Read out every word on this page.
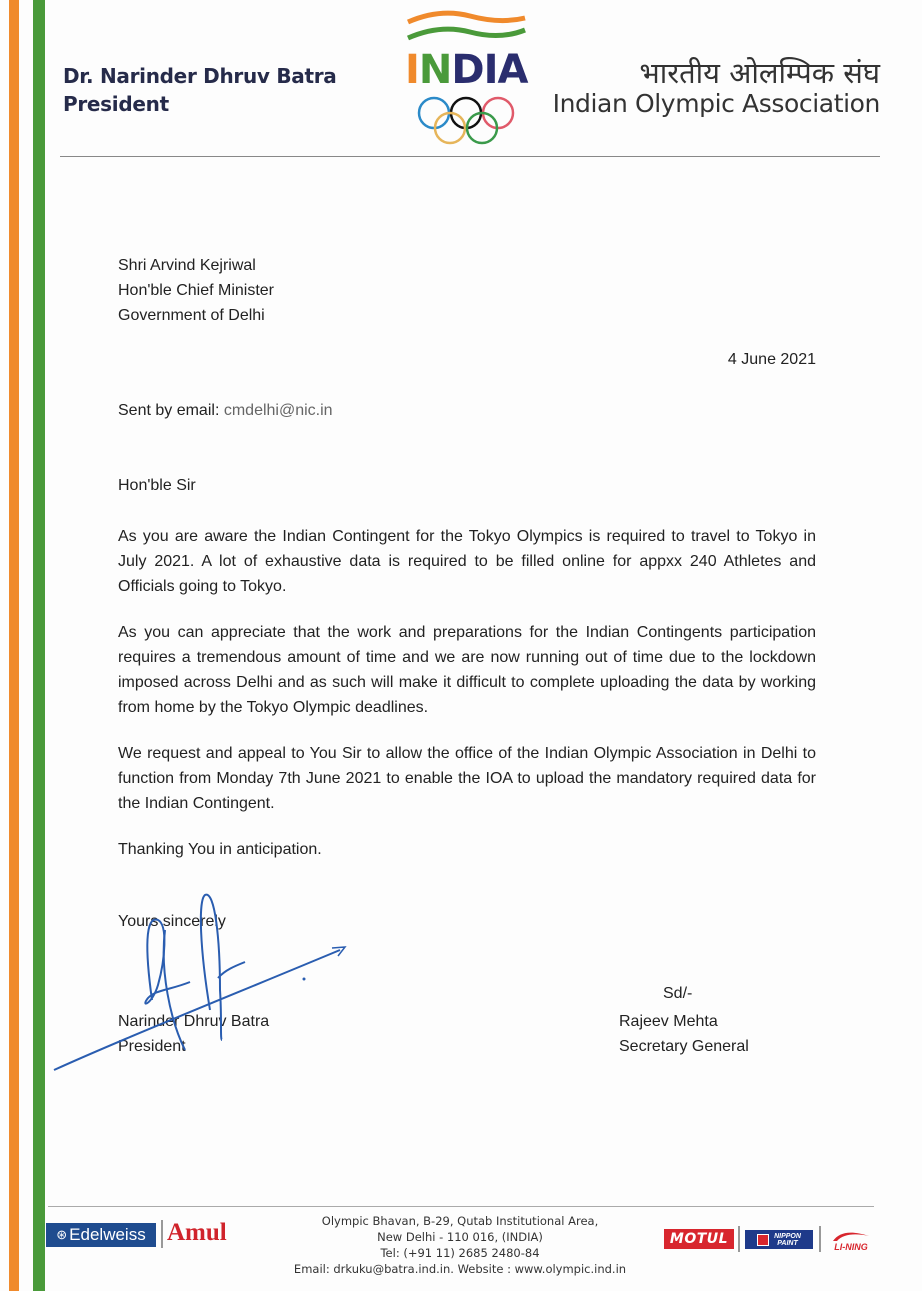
Dr. Narinder Dhruv Batra
President
INDIA	भारतीय ओलम्पिक संघ
Indian Olympic Association
Shri Arvind Kejriwal
Hon'ble Chief Minister
Government of Delhi
4 June 2021
Sent by email: cmdelhi@nic.in
Hon'ble Sir
As you are aware the Indian Contingent for the Tokyo Olympics is required to travel to Tokyo in July 2021. A lot of exhaustive data is required to be filled online for appxx 240 Athletes and Officials going to Tokyo.
As you can appreciate that the work and preparations for the Indian Contingents participation requires a tremendous amount of time and we are now running out of time due to the lockdown imposed across Delhi and as such will make it difficult to complete uploading the data by working from home by the Tokyo Olympic deadlines.
We request and appeal to You Sir to allow the office of the Indian Olympic Association in Delhi to function from Monday 7th June 2021 to enable the IOA to upload the mandatory required data for the Indian Contingent.
Thanking You in anticipation.
Yours sincerely
Narinder Dhruv Batra
President
Sd/-
Rajeev Mehta
Secretary General
⊛ Edelweiss Amul	Olympic Bhavan, B-29, Qutab Institutional Area,
New Delhi - 110 016, (INDIA)
Tel: (+91 11) 2685 2480-84
Email: drkuku@batra.ind.in. Website : www.olympic.ind.in
MOTUL	NIPPON
PAINT	LI-NING
